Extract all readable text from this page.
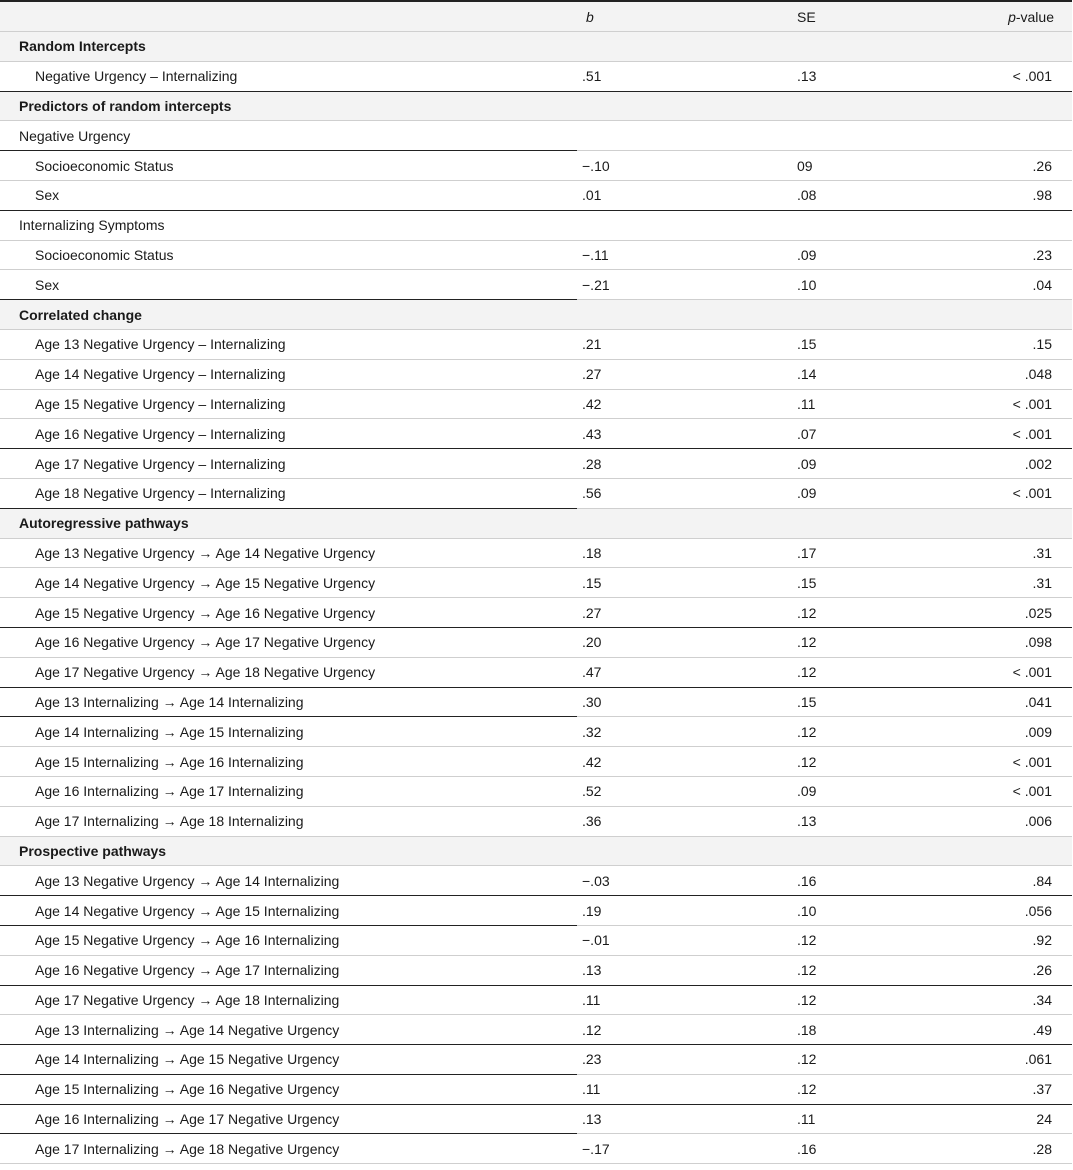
b	SE	p-value
Random Intercepts
Negative Urgency – Internalizing	.51	.13	< .001
Predictors of random intercepts
Negative Urgency
Socioeconomic Status	−.10	09	.26
Sex	.01	.08	.98
Internalizing Symptoms
Socioeconomic Status	−.11	.09	.23
Sex	−.21	.10	.04
Correlated change
Age 13 Negative Urgency – Internalizing	.21	.15	.15
Age 14 Negative Urgency – Internalizing	.27	.14	.048
Age 15 Negative Urgency – Internalizing	.42	.11	< .001
Age 16 Negative Urgency – Internalizing	.43	.07	< .001
Age 17 Negative Urgency – Internalizing	.28	.09	.002
Age 18 Negative Urgency – Internalizing	.56	.09	< .001
Autoregressive pathways
Age 13 Negative Urgency → Age 14 Negative Urgency	.18	.17	.31
Age 14 Negative Urgency → Age 15 Negative Urgency	.15	.15	.31
Age 15 Negative Urgency → Age 16 Negative Urgency	.27	.12	.025
Age 16 Negative Urgency → Age 17 Negative Urgency	.20	.12	.098
Age 17 Negative Urgency → Age 18 Negative Urgency	.47	.12	< .001
Age 13 Internalizing → Age 14 Internalizing	.30	.15	.041
Age 14 Internalizing → Age 15 Internalizing	.32	.12	.009
Age 15 Internalizing → Age 16 Internalizing	.42	.12	< .001
Age 16 Internalizing → Age 17 Internalizing	.52	.09	< .001
Age 17 Internalizing → Age 18 Internalizing	.36	.13	.006
Prospective pathways
Age 13 Negative Urgency → Age 14 Internalizing	−.03	.16	.84
Age 14 Negative Urgency → Age 15 Internalizing	.19	.10	.056
Age 15 Negative Urgency → Age 16 Internalizing	−.01	.12	.92
Age 16 Negative Urgency → Age 17 Internalizing	.13	.12	.26
Age 17 Negative Urgency → Age 18 Internalizing	.11	.12	.34
Age 13 Internalizing → Age 14 Negative Urgency	.12	.18	.49
Age 14 Internalizing → Age 15 Negative Urgency	.23	.12	.061
Age 15 Internalizing → Age 16 Negative Urgency	.11	.12	.37
Age 16 Internalizing → Age 17 Negative Urgency	.13	.11	24
Age 17 Internalizing → Age 18 Negative Urgency	−.17	.16	.28
